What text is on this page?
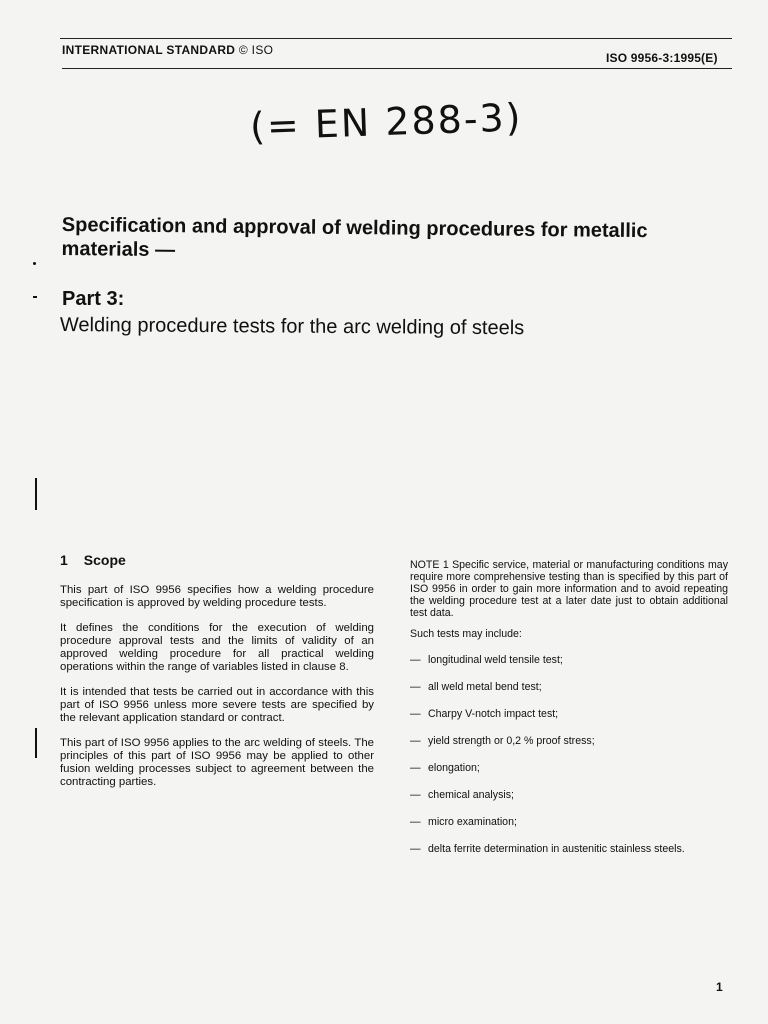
INTERNATIONAL STANDARD © ISO
ISO 9956-3:1995(E)
(= EN 288-3)
Specification and approval of welding procedures for metallic materials —
Part 3:
Welding procedure tests for the arc welding of steels
1 Scope

This part of ISO 9956 specifies how a welding procedure specification is approved by welding procedure tests.

It defines the conditions for the execution of welding procedure approval tests and the limits of validity of an approved welding procedure for all practical welding operations within the range of variables listed in clause 8.

It is intended that tests be carried out in accordance with this part of ISO 9956 unless more severe tests are specified by the relevant application standard or contract.

This part of ISO 9956 applies to the arc welding of steels. The principles of this part of ISO 9956 may be applied to other fusion welding processes subject to agreement between the contracting parties.

NOTE 1 Specific service, material or manufacturing conditions may require more comprehensive testing than is specified by this part of ISO 9956 in order to gain more information and to avoid repeating the welding procedure test at a later date just to obtain additional test data.

Such tests may include:

— longitudinal weld tensile test;
— all weld metal bend test;
— Charpy V-notch impact test;
— yield strength or 0,2 % proof stress;
— elongation;
— chemical analysis;
— micro examination;
— delta ferrite determination in austenitic stainless steels.
1
